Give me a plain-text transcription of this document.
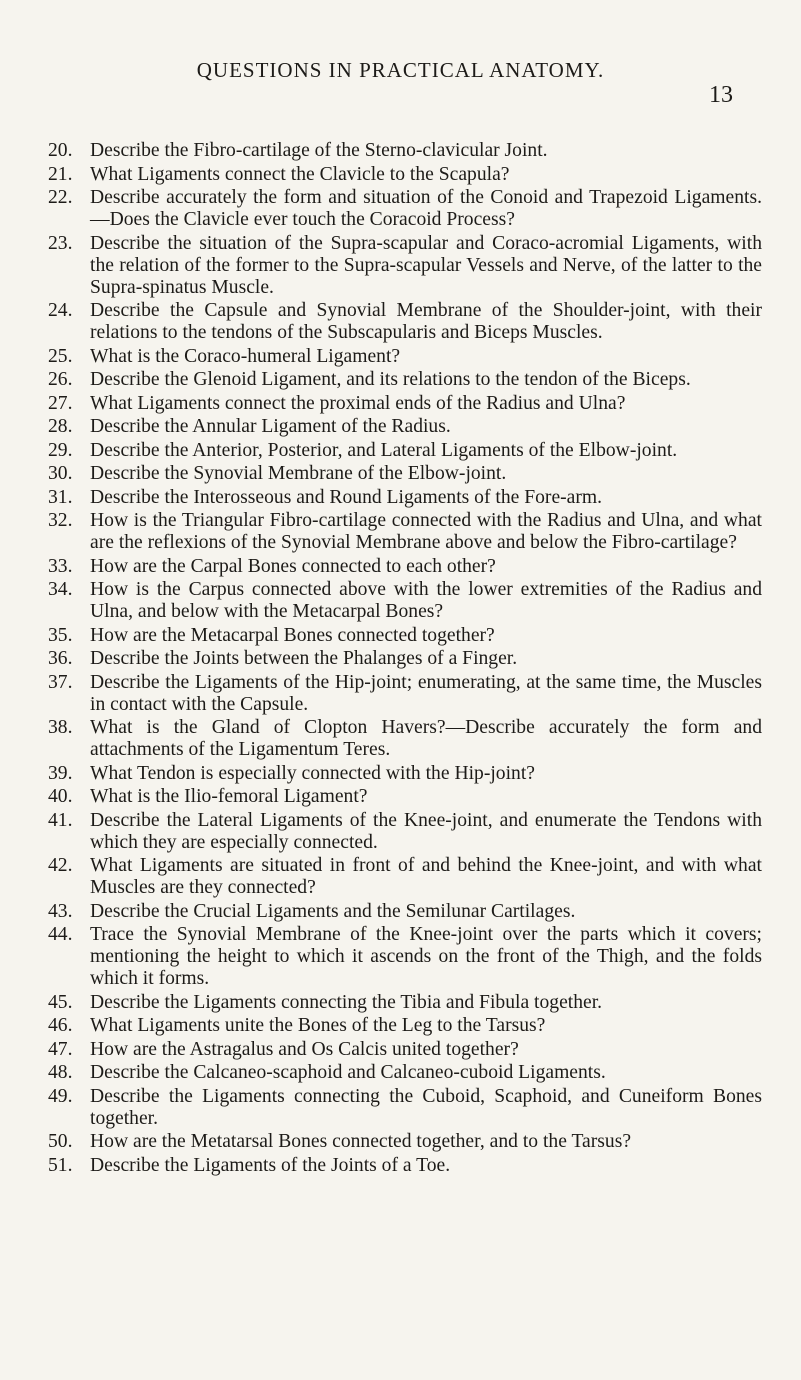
QUESTIONS IN PRACTICAL ANATOMY.
13
20. Describe the Fibro-cartilage of the Sterno-clavicular Joint.
21. What Ligaments connect the Clavicle to the Scapula?
22. Describe accurately the form and situation of the Conoid and Trapezoid Ligaments.—Does the Clavicle ever touch the Coracoid Process?
23. Describe the situation of the Supra-scapular and Coraco-acromial Ligaments, with the relation of the former to the Supra-scapular Vessels and Nerve, of the latter to the Supra-spinatus Muscle.
24. Describe the Capsule and Synovial Membrane of the Shoulder-joint, with their relations to the tendons of the Subscapularis and Biceps Muscles.
25. What is the Coraco-humeral Ligament?
26. Describe the Glenoid Ligament, and its relations to the tendon of the Biceps.
27. What Ligaments connect the proximal ends of the Radius and Ulna?
28. Describe the Annular Ligament of the Radius.
29. Describe the Anterior, Posterior, and Lateral Ligaments of the Elbow-joint.
30. Describe the Synovial Membrane of the Elbow-joint.
31. Describe the Interosseous and Round Ligaments of the Fore-arm.
32. How is the Triangular Fibro-cartilage connected with the Radius and Ulna, and what are the reflexions of the Synovial Membrane above and below the Fibro-cartilage?
33. How are the Carpal Bones connected to each other?
34. How is the Carpus connected above with the lower extremities of the Radius and Ulna, and below with the Metacarpal Bones?
35. How are the Metacarpal Bones connected together?
36. Describe the Joints between the Phalanges of a Finger.
37. Describe the Ligaments of the Hip-joint; enumerating, at the same time, the Muscles in contact with the Capsule.
38. What is the Gland of Clopton Havers?—Describe accurately the form and attachments of the Ligamentum Teres.
39. What Tendon is especially connected with the Hip-joint?
40. What is the Ilio-femoral Ligament?
41. Describe the Lateral Ligaments of the Knee-joint, and enumerate the Tendons with which they are especially connected.
42. What Ligaments are situated in front of and behind the Knee-joint, and with what Muscles are they connected?
43. Describe the Crucial Ligaments and the Semilunar Cartilages.
44. Trace the Synovial Membrane of the Knee-joint over the parts which it covers; mentioning the height to which it ascends on the front of the Thigh, and the folds which it forms.
45. Describe the Ligaments connecting the Tibia and Fibula together.
46. What Ligaments unite the Bones of the Leg to the Tarsus?
47. How are the Astragalus and Os Calcis united together?
48. Describe the Calcaneo-scaphoid and Calcaneo-cuboid Ligaments.
49. Describe the Ligaments connecting the Cuboid, Scaphoid, and Cuneiform Bones together.
50. How are the Metatarsal Bones connected together, and to the Tarsus?
51. Describe the Ligaments of the Joints of a Toe.
